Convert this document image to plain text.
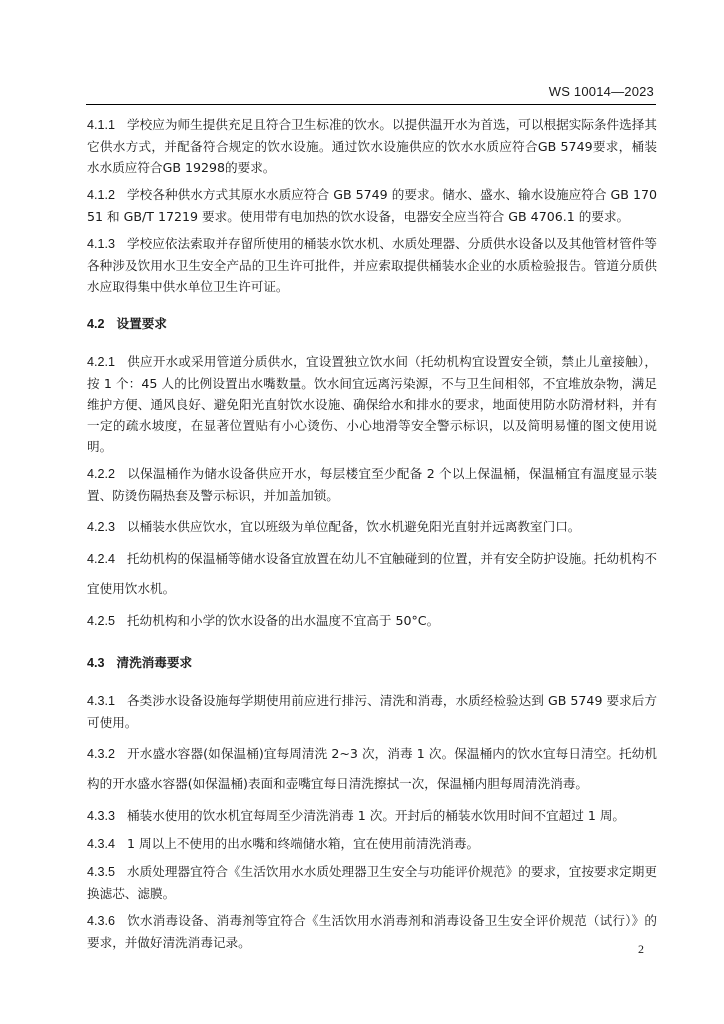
WS 10014—2023
4.1.1 学校应为师生提供充足且符合卫生标准的饮水。以提供温开水为首选，可以根据实际条件选择其它供水方式，并配备符合规定的饮水设施。通过饮水设施供应的饮水水质应符合GB 5749要求，桶装水水质应符合GB 19298的要求。
4.1.2 学校各种供水方式其原水水质应符合 GB 5749 的要求。储水、盛水、输水设施应符合 GB 17051 和 GB/T 17219 要求。使用带有电加热的饮水设备，电器安全应当符合 GB 4706.1 的要求。
4.1.3 学校应依法索取并存留所使用的桶装水饮水机、水质处理器、分质供水设备以及其他管材管件等各种涉及饮用水卫生安全产品的卫生许可批件，并应索取提供桶装水企业的水质检验报告。管道分质供水应取得集中供水单位卫生许可证。
4.2 设置要求
4.2.1 供应开水或采用管道分质供水，宜设置独立饮水间（托幼机构宜设置安全锁，禁止儿童接触），按 1 个：45 人的比例设置出水嘴数量。饮水间宜远离污染源，不与卫生间相邻，不宜堆放杂物，满足维护方便、通风良好、避免阳光直射饮水设施、确保给水和排水的要求，地面使用防水防滑材料，并有一定的疏水坡度，在显著位置贴有小心烫伤、小心地滑等安全警示标识，以及简明易懂的图文使用说明。
4.2.2 以保温桶作为储水设备供应开水，每层楼宜至少配备 2 个以上保温桶，保温桶宜有温度显示装置、防烫伤隔热套及警示标识，并加盖加锁。
4.2.3 以桶装水供应饮水，宜以班级为单位配备，饮水机避免阳光直射并远离教室门口。
4.2.4 托幼机构的保温桶等储水设备宜放置在幼儿不宜触碰到的位置，并有安全防护设施。托幼机构不宜使用饮水机。
4.2.5 托幼机构和小学的饮水设备的出水温度不宜高于 50°C。
4.3 清洗消毒要求
4.3.1 各类涉水设备设施每学期使用前应进行排污、清洗和消毒，水质经检验达到 GB 5749 要求后方可使用。
4.3.2 开水盛水容器(如保温桶)宜每周清洗 2~3 次，消毒 1 次。保温桶内的饮水宜每日清空。托幼机构的开水盛水容器(如保温桶)表面和壶嘴宜每日清洗擦拭一次，保温桶内胆每周清洗消毒。
4.3.3 桶装水使用的饮水机宜每周至少清洗消毒 1 次。开封后的桶装水饮用时间不宜超过 1 周。
4.3.4 1 周以上不使用的出水嘴和终端储水箱，宜在使用前清洗消毒。
4.3.5 水质处理器宜符合《生活饮用水水质处理器卫生安全与功能评价规范》的要求，宜按要求定期更换滤芯、滤膜。
4.3.6 饮水消毒设备、消毒剂等宜符合《生活饮用水消毒剂和消毒设备卫生安全评价规范（试行）》的要求，并做好清洗消毒记录。	2
